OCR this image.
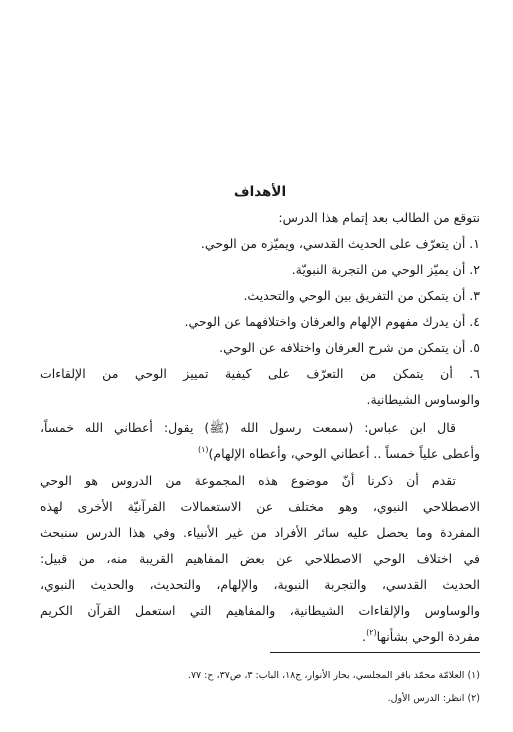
الأهداف
نتوقع من الطالب بعد إتمام هذا الدرس:
١. أن يتعرّف على الحديث القدسي، ويميّزه من الوحي.
٢. أن يميّز الوحي من التجربة النبويّة.
٣. أن يتمكن من التفريق بين الوحي والتحديث.
٤. أن يدرك مفهوم الإلهام والعرفان واختلافهما عن الوحي.
٥. أن يتمكن من شرح العرفان واختلافه عن الوحي.
٦. أن يتمكن من التعرّف على كيفية تمييز الوحي من الإلقاءات
والوساوس الشيطانية.
قال ابن عباس: (سمعت رسول الله (ﷺ) يقول: أعطاني الله خمساً،
وأعطى علياً خمساً .. أعطاني الوحي، وأعطاه الإلهام)$^{(١)}$
تقدم أن ذكرنا أنّ موضوع هذه المجموعة من الدروس هو الوحي
الاصطلاحي النبوي، وهو مختلف عن الاستعمالات القرآنيّة الأخرى لهذه
المفردة وما يحصل عليه سائر الأفراد من غير الأنبياء. وفي هذا الدرس سنبحث
في اختلاف الوحي الاصطلاحي عن بعض المفاهيم القريبة منه، من قبيل:
الحديث القدسي، والتجربة النبوية، والإلهام، والتحديث، والحديث النبوي،
والوساوس والإلقاءات الشيطانية، والمفاهيم التي استعمل القرآن الكريم
مفردة الوحي بشأنها$^{(٢)}$.
(١) العلامّة محمّد باقر المجلسي، بحار الأنوار، ج١٨، الباب: ٣، ص٣٧، ح: ٧٧.
(٢) انظر: الدرس الأول.
